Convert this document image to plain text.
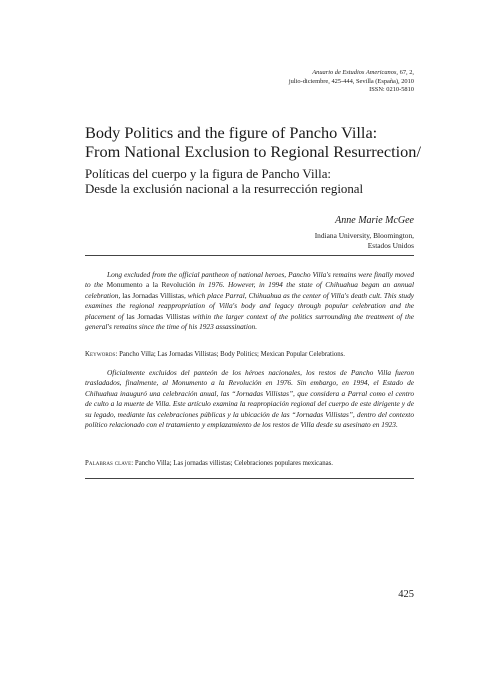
Anuario de Estudios Americanos, 67, 2,
julio-diciembre, 425-444, Sevilla (España), 2010
ISSN: 0210-5810
Body Politics and the figure of Pancho Villa:
From National Exclusion to Regional Resurrection/
Políticas del cuerpo y la figura de Pancho Villa:
Desde la exclusión nacional a la resurrección regional
Anne Marie McGee
Indiana University, Bloomington,
Estados Unidos

Long excluded from the official pantheon of national heroes, Pancho Villa's remains were finally moved to the Monumento a la Revolución in 1976. However, in 1994 the state of Chihuahua began an annual celebration, las Jornadas Villistas, which place Parral, Chihuahua as the center of Villa's death cult. This study examines the regional reappropriation of Villa's body and legacy through popular celebration and the placement of las Jornadas Villistas within the larger context of the politics surrounding the treatment of the general's remains since the time of his 1923 assassination.

Keywords: Pancho Villa; Las Jornadas Villistas; Body Politics; Mexican Popular Celebrations.

Oficialmente excluidos del panteón de los héroes nacionales, los restos de Pancho Villa fueron trasladados, finalmente, al Monumento a la Revolución en 1976. Sin embargo, en 1994, el Estado de Chihuahua inauguró una celebración anual, las “Jornadas Villistas”, que considera a Parral como el centro de culto a la muerte de Villa. Este artículo examina la reapropiación regional del cuerpo de este dirigente y de su legado, mediante las celebraciones públicas y la ubicación de las “Jornadas Villistas”, dentro del contexto político relacionado con el tratamiento y emplazamiento de los restos de Villa desde su asesinato en 1923.

Palabras clave: Pancho Villa; Las jornadas villistas; Celebraciones populares mexicanas.

425
